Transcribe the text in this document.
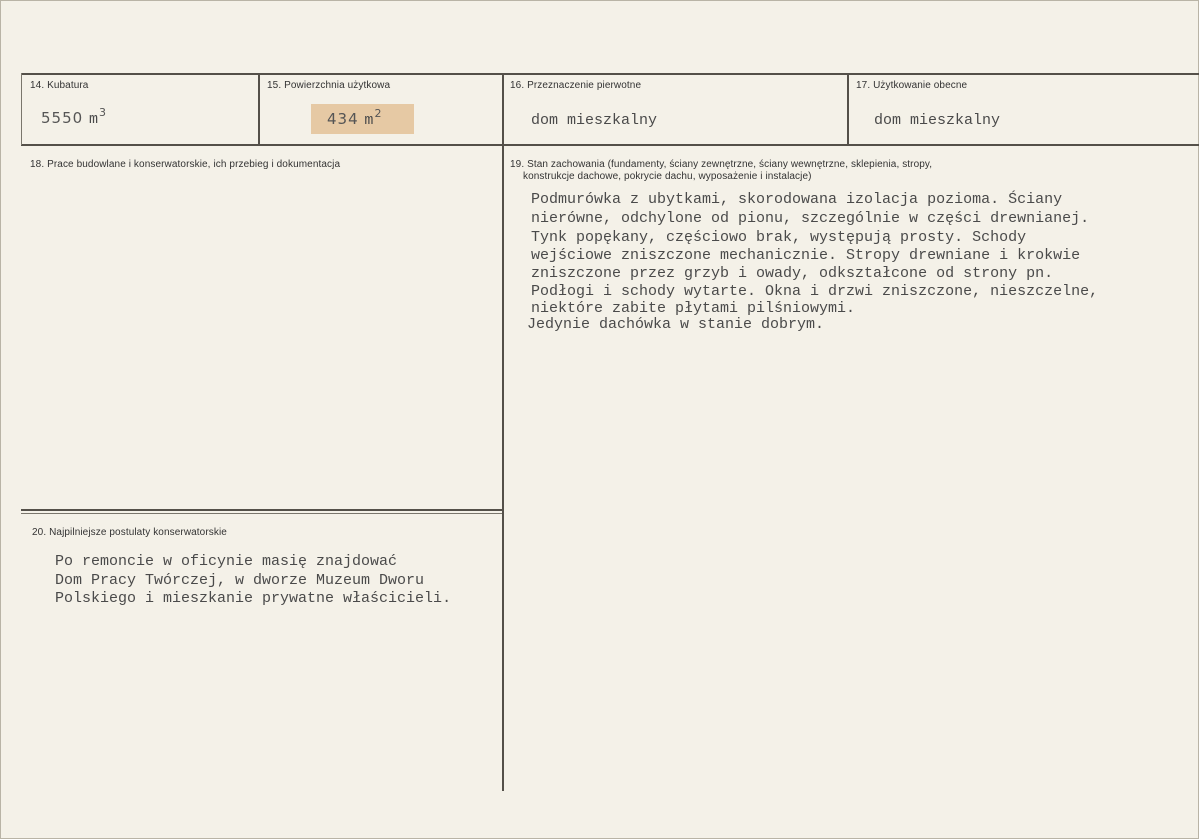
14. Kubatura
5550 $m^3$
15. Powierzchnia użytkowa
434 $m^2$
16. Przeznaczenie pierwotne
dom mieszkalny
17. Użytkowanie obecne
dom mieszkalny
18. Prace budowlane i konserwatorskie, ich przebieg i dokumentacja	19. Stan zachowania (fundamenty, ściany zewnętrzne, ściany wewnętrzne, sklepienia, stropy,
konstrukcje dachowe, pokrycie dachu, wyposażenie i instalacje)
Podmurówka z ubytkami, skorodowana izolacja pozioma. Ściany
nierówne, odchylone od pionu, szczególnie w części drewnianej.
Tynk popękany, częściowo brak, występują prosty. Schody
wejściowe zniszczone mechanicznie. Stropy drewniane i krokwie
zniszczone przez grzyb i owady, odkształcone od strony pn.
Podłogi i schody wytarte. Okna i drzwi zniszczone, nieszczelne,
niektóre zabite płytami pilśniowymi.
Jedynie dachówka w stanie dobrym.
20. Najpilniejsze postulaty konserwatorskie
Po remoncie w oficynie masię znajdować
Dom Pracy Twórczej, w dworze Muzeum Dworu
Polskiego i mieszkanie prywatne właścicieli.
